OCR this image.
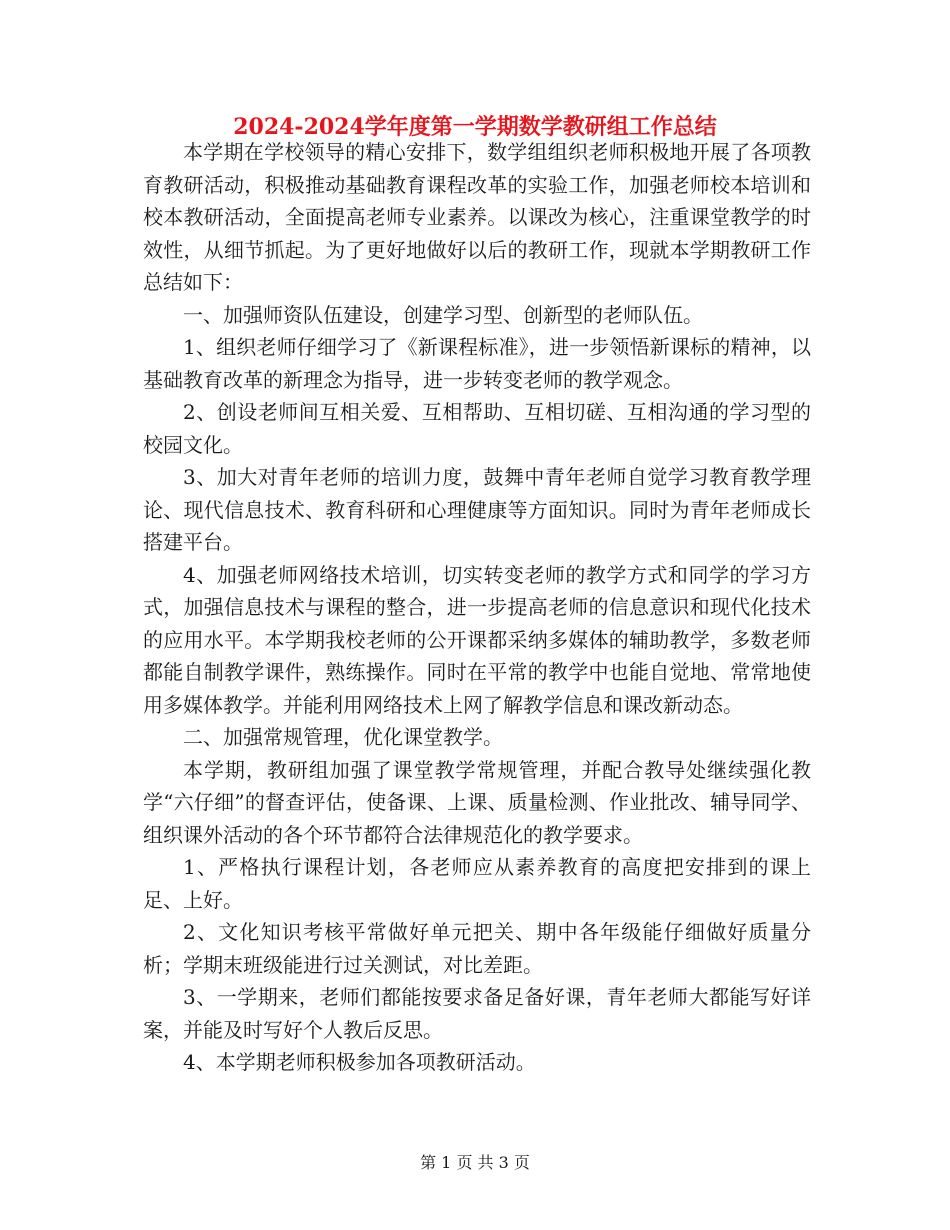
2024-2024学年度第一学期数学教研组工作总结

本学期在学校领导的精心安排下，数学组组织老师积极地开展了各项教育教研活动，积极推动基础教育课程改革的实验工作，加强老师校本培训和校本教研活动，全面提高老师专业素养。以课改为核心，注重课堂教学的时效性，从细节抓起。为了更好地做好以后的教研工作，现就本学期教研工作总结如下：

一、加强师资队伍建设，创建学习型、创新型的老师队伍。

1、组织老师仔细学习了《新课程标准》，进一步领悟新课标的精神，以基础教育改革的新理念为指导，进一步转变老师的教学观念。

2、创设老师间互相关爱、互相帮助、互相切磋、互相沟通的学习型的校园文化。

3、加大对青年老师的培训力度，鼓舞中青年老师自觉学习教育教学理论、现代信息技术、教育科研和心理健康等方面知识。同时为青年老师成长搭建平台。

4、加强老师网络技术培训，切实转变老师的教学方式和同学的学习方式，加强信息技术与课程的整合，进一步提高老师的信息意识和现代化技术的应用水平。本学期我校老师的公开课都采纳多媒体的辅助教学，多数老师都能自制教学课件，熟练操作。同时在平常的教学中也能自觉地、常常地使用多媒体教学。并能利用网络技术上网了解教学信息和课改新动态。

二、加强常规管理，优化课堂教学。

本学期，教研组加强了课堂教学常规管理，并配合教导处继续强化教学“六仔细”的督查评估，使备课、上课、质量检测、作业批改、辅导同学、组织课外活动的各个环节都符合法律规范化的教学要求。

1、严格执行课程计划，各老师应从素养教育的高度把安排到的课上足、上好。

2、文化知识考核平常做好单元把关、期中各年级能仔细做好质量分析；学期末班级能进行过关测试，对比差距。

3、一学期来，老师们都能按要求备足备好课，青年老师大都能写好详案，并能及时写好个人教后反思。

4、本学期老师积极参加各项教研活动。

第 1 页 共 3 页
